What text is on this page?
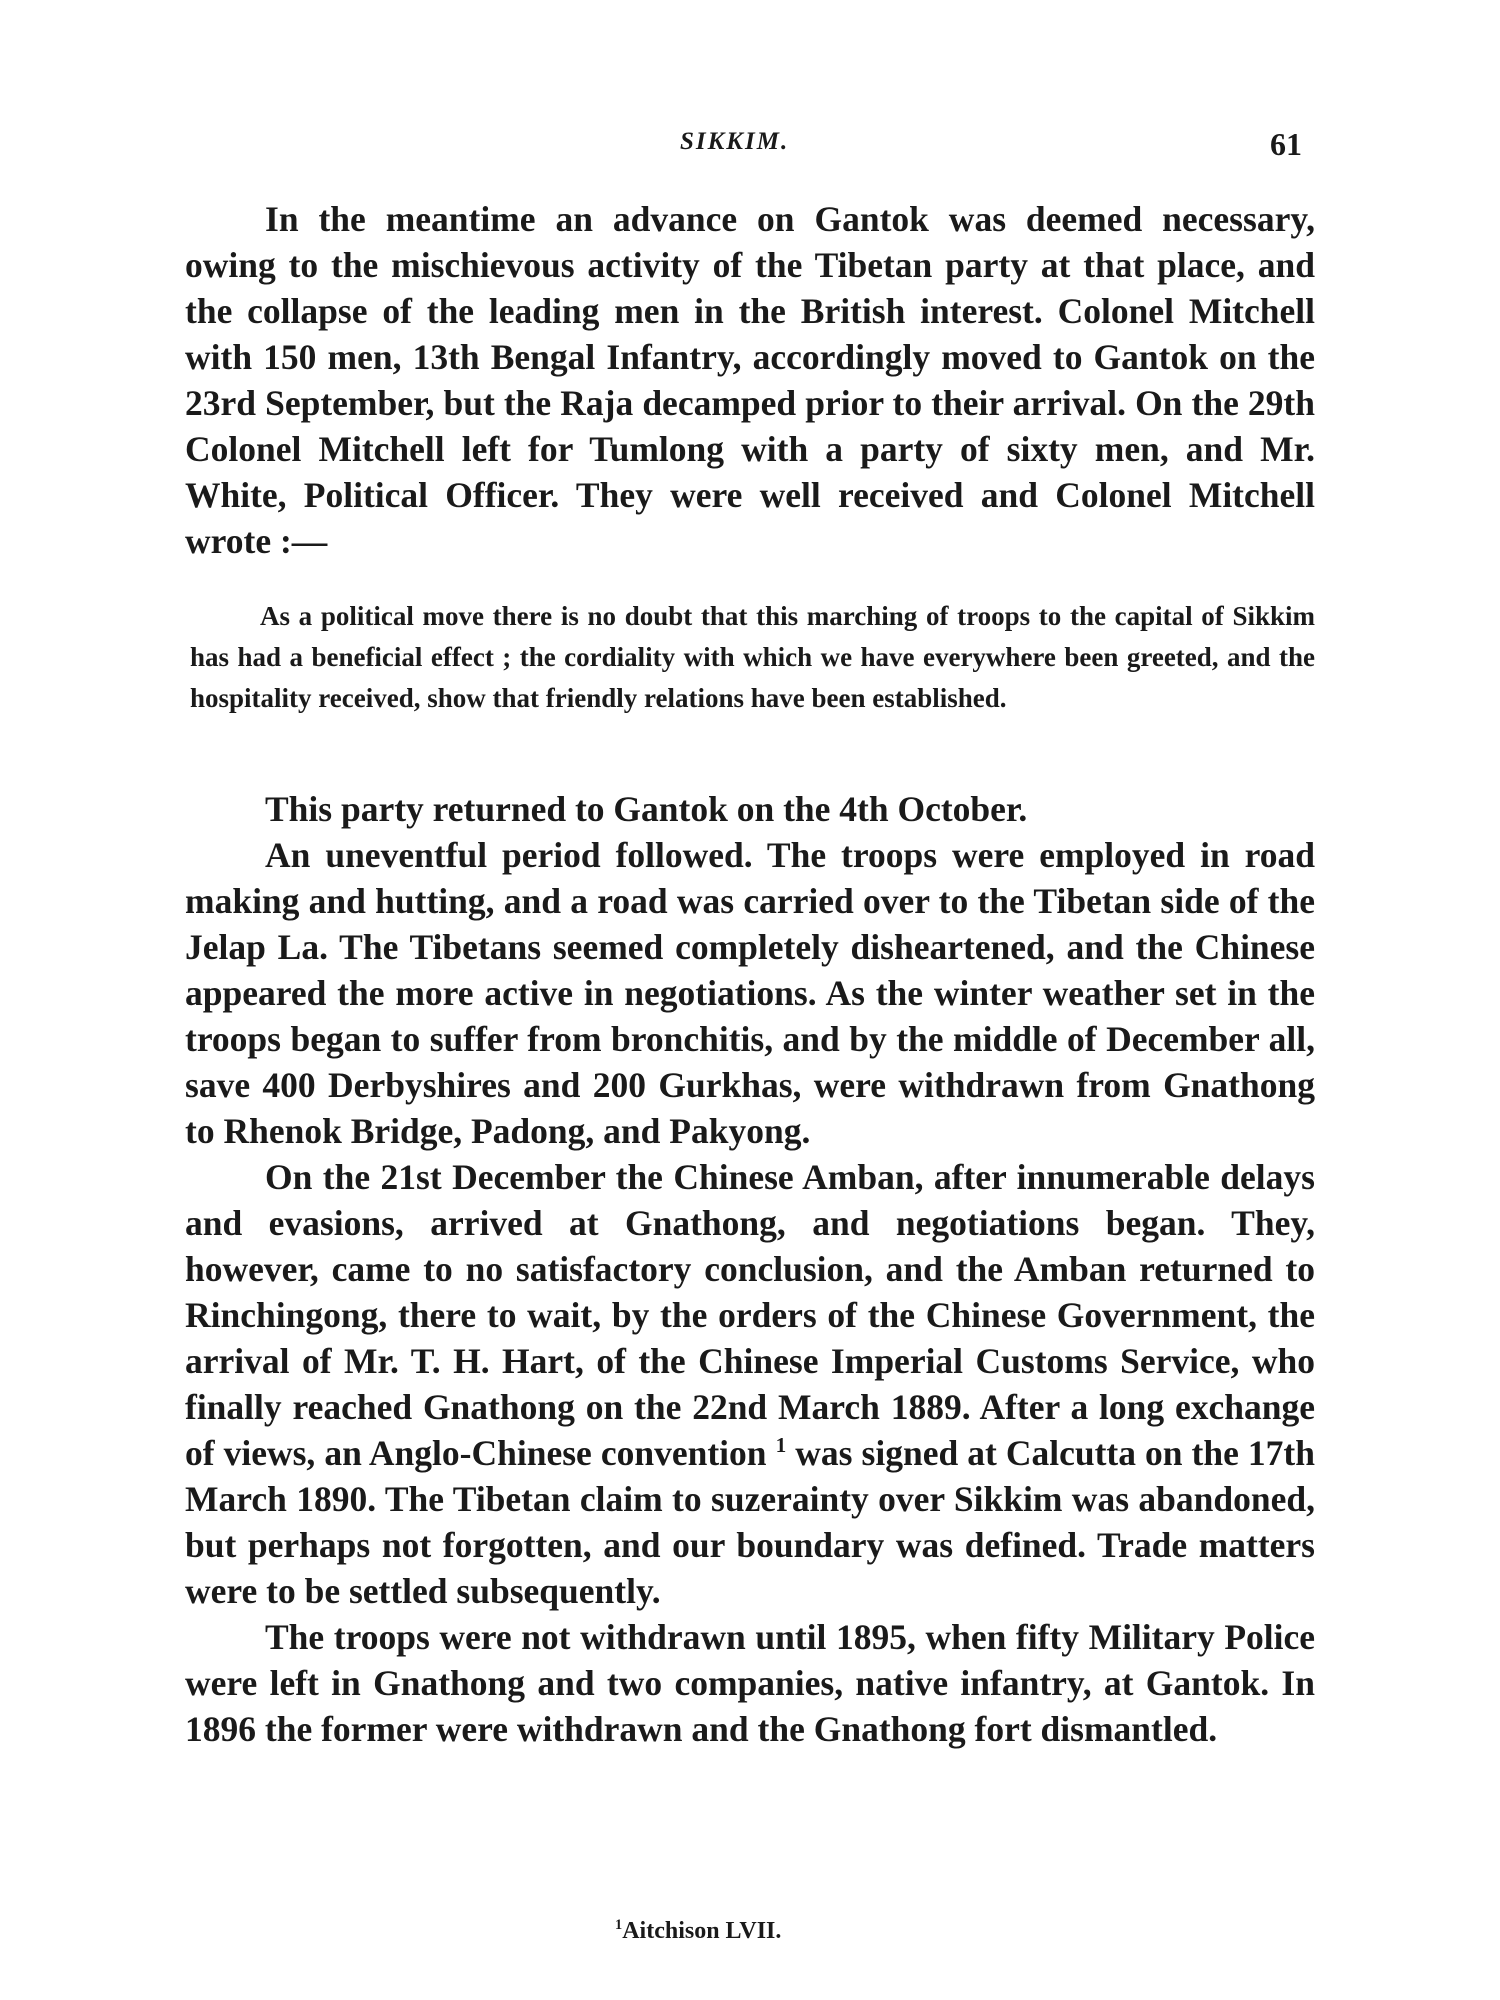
SIKKIM.	61

In the meantime an advance on Gantok was deemed necessary, owing to the mischievous activity of the Tibetan party at that place, and the collapse of the leading men in the British interest. Colonel Mitchell with 150 men, 13th Bengal Infantry, accordingly moved to Gantok on the 23rd September, but the Raja decamped prior to their arrival. On the 29th Colonel Mitchell left for Tumlong with a party of sixty men, and Mr. White, Political Officer. They were well received and Colonel Mitchell wrote :—

As a political move there is no doubt that this marching of troops to the capital of Sikkim has had a beneficial effect ; the cordiality with which we have everywhere been greeted, and the hospitality received, show that friendly relations have been established.

This party returned to Gantok on the 4th October.

An uneventful period followed. The troops were employed in road making and hutting, and a road was carried over to the Tibetan side of the Jelap La. The Tibetans seemed completely disheartened, and the Chinese appeared the more active in negotiations. As the winter weather set in the troops began to suffer from bronchitis, and by the middle of December all, save 400 Derbyshires and 200 Gurkhas, were withdrawn from Gnathong to Rhenok Bridge, Padong, and Pakyong.

On the 21st December the Chinese Amban, after innumerable delays and evasions, arrived at Gnathong, and negotiations began. They, however, came to no satisfactory conclusion, and the Amban returned to Rinchingong, there to wait, by the orders of the Chinese Government, the arrival of Mr. T. H. Hart, of the Chinese Imperial Customs Service, who finally reached Gnathong on the 22nd March 1889. After a long exchange of views, an Anglo-Chinese convention $^1$ was signed at Calcutta on the 17th March 1890. The Tibetan claim to suzerainty over Sikkim was abandoned, but perhaps not forgotten, and our boundary was defined. Trade matters were to be settled subsequently.

The troops were not withdrawn until 1895, when fifty Military Police were left in Gnathong and two companies, native infantry, at Gantok. In 1896 the former were withdrawn and the Gnathong fort dismantled.

$^1$Aitchison LVII.
